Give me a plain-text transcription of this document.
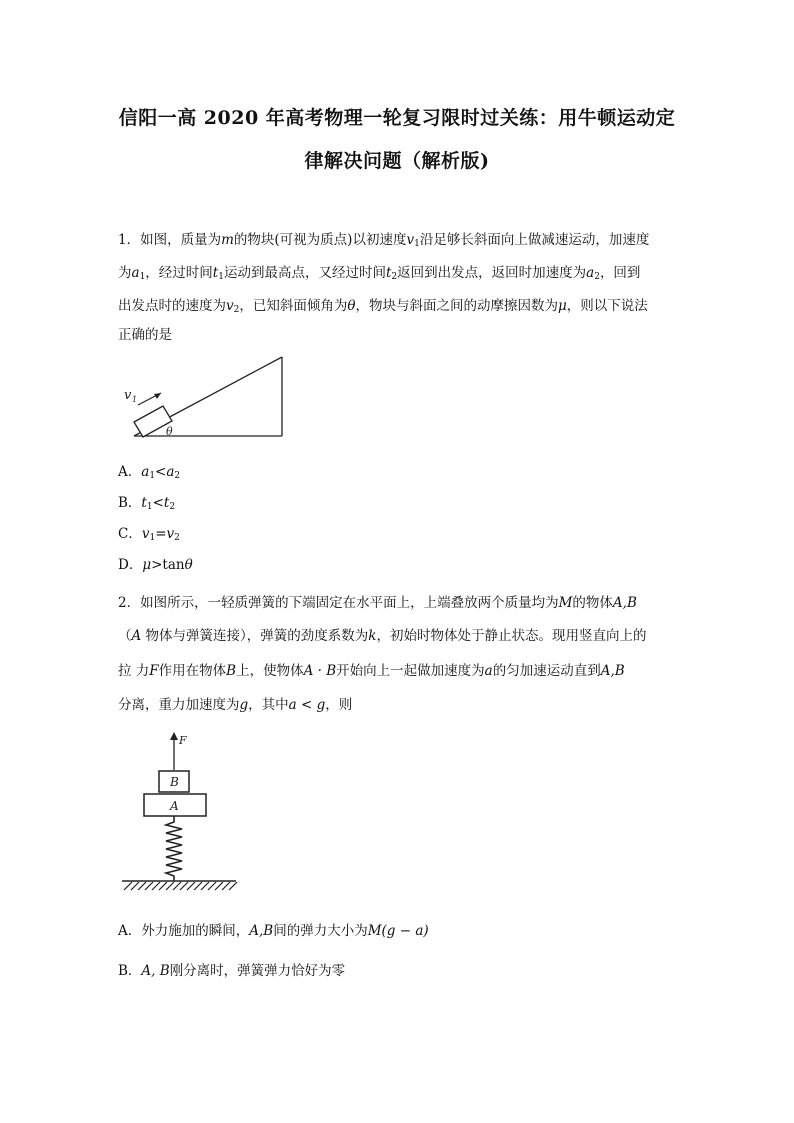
信阳一高 2020 年高考物理一轮复习限时过关练：用牛顿运动定
律解决问题（解析版)
1．如图，质量为m的物块(可视为质点)以初速度$v_1$沿足够长斜面向上做减速运动，加速度
为$a_1$，经过时间$t_1$运动到最高点，又经过时间$t_2$返回到出发点，返回时加速度为$a_2$，回到
出发点时的速度为$v_2$，已知斜面倾角为θ，物块与斜面之间的动摩擦因数为μ，则以下说法
正确的是
v 1
θ
A．$a_1<a_2$
B．$t_1<t_2$
C．$v_1=v_2$
D．μ>tanθ
2．如图所示，一轻质弹簧的下端固定在水平面上，上端叠放两个质量均为M的物体A,B
（A 物体与弹簧连接），弹簧的劲度系数为k，初始时物体处于静止状态。现用竖直向上的
拉 力F作用在物体B上，使物体A · B开始向上一起做加速度为a的匀加速运动直到A,B
分离，重力加速度为g，其中a < g，则
F
B
A
A．外力施加的瞬间，A,B间的弹力大小为M(g − a)
B．A, B刚分离时，弹簧弹力恰好为零
